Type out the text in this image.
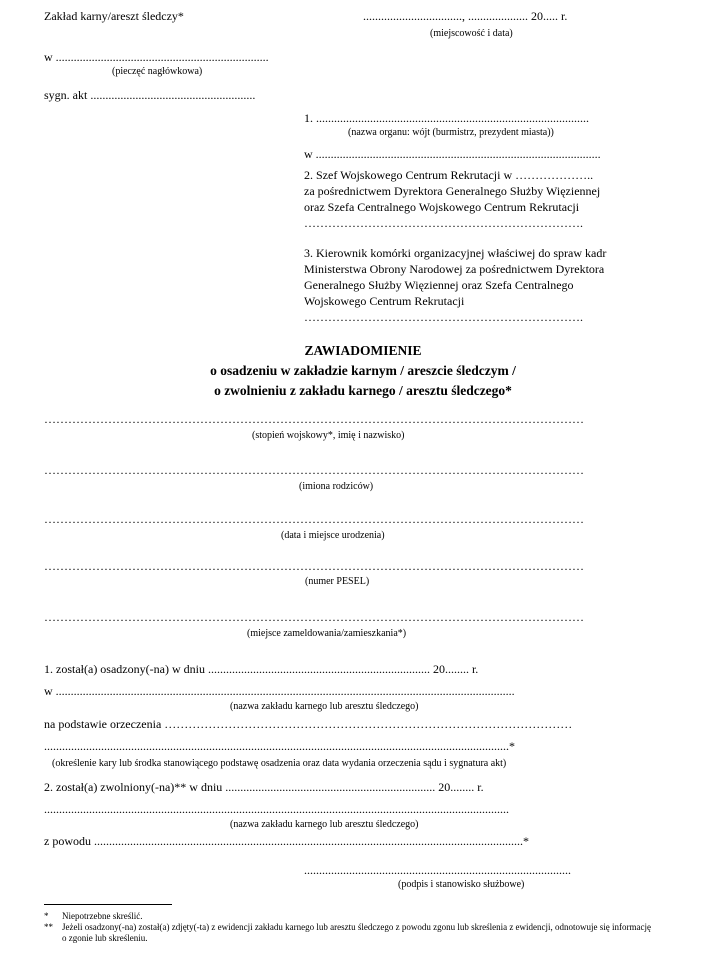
Zakład karny/areszt śledczy*	................................., .................... 20..... r.
(miejscowość i data)
w .......................................................................
(pieczęć nagłówkowa)
sygn. akt .......................................................
1. ...........................................................................................
(nazwa organu: wójt (burmistrz, prezydent miasta))
w ...............................................................................................
2. Szef Wojskowego Centrum Rekrutacji w ………………..
za pośrednictwem Dyrektora Generalnego Służby Więziennej
oraz Szefa Centralnego Wojskowego Centrum Rekrutacji
…………………………………………………………….
3. Kierownik komórki organizacyjnej właściwej do spraw kadr
Ministerstwa Obrony Narodowej za pośrednictwem Dyrektora
Generalnego Służby Więziennej oraz Szefa Centralnego
Wojskowego Centrum Rekrutacji
…………………………………………………………….
ZAWIADOMIENIE
o osadzeniu w zakładzie karnym / areszcie śledczym /
o zwolnieniu z zakładu karnego / aresztu śledczego*
………………………………………………………………………………………………………………………
(stopień wojskowy*, imię i nazwisko)
………………………………………………………………………………………………………………………
(imiona rodziców)
………………………………………………………………………………………………………………………
(data i miejsce urodzenia)
………………………………………………………………………………………………………………………
(numer PESEL)
………………………………………………………………………………………………………………………
(miejsce zameldowania/zamieszkania*)
1. został(a) osadzony(-na) w dniu .......................................................................... 20........ r.
w .........................................................................................................................................................
(nazwa zakładu karnego lub aresztu śledczego)
na podstawie orzeczenia …………………………………………………………………………………………
...........................................................................................................................................................*
(określenie kary lub środka stanowiącego podstawę osadzenia oraz data wydania orzeczenia sądu i sygnatura akt)
2. został(a) zwolniony(-na)** w dniu ...................................................................... 20........ r.
...........................................................................................................................................................
(nazwa zakładu karnego lub aresztu śledczego)
z powodu ...............................................................................................................................................*
.........................................................................................
(podpis i stanowisko służbowe)
*	Niepotrzebne skreślić.
**	Jeżeli osadzony(-na) został(a) zdjęty(-ta) z ewidencji zakładu karnego lub aresztu śledczego z powodu zgonu lub skreślenia z ewidencji, odnotowuje się informację o zgonie lub skreśleniu.
